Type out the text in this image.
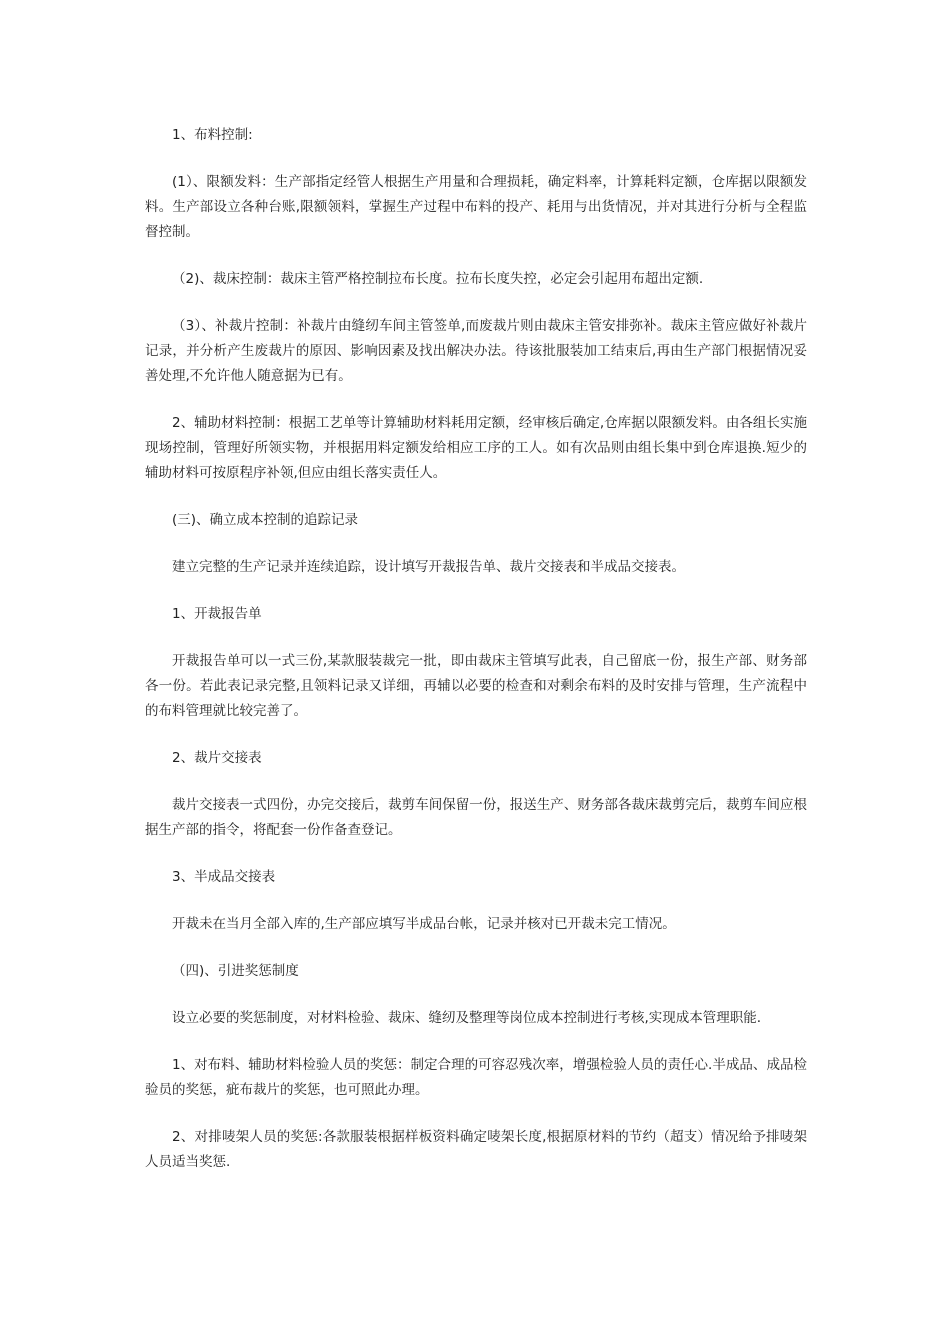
1、布料控制:

(1）、限额发料：生产部指定经管人根据生产用量和合理损耗，确定料率，计算耗料定额，仓库据以限额发料。生产部设立各种台账,限额领料，掌握生产过程中布料的投产、耗用与出货情况，并对其进行分析与全程监督控制。

（2)、裁床控制：裁床主管严格控制拉布长度。拉布长度失控，必定会引起用布超出定额.

（3）、补裁片控制：补裁片由缝纫车间主管签单,而废裁片则由裁床主管安排弥补。裁床主管应做好补裁片记录，并分析产生废裁片的原因、影响因素及找出解决办法。待该批服装加工结束后,再由生产部门根据情况妥善处理,不允许他人随意据为已有。

2、辅助材料控制：根据工艺单等计算辅助材料耗用定额，经审核后确定,仓库据以限额发料。由各组长实施现场控制，管理好所领实物，并根据用料定额发给相应工序的工人。如有次品则由组长集中到仓库退换.短少的辅助材料可按原程序补领,但应由组长落实责任人。

(三)、确立成本控制的追踪记录

建立完整的生产记录并连续追踪，设计填写开裁报告单、裁片交接表和半成品交接表。

1、开裁报告单

开裁报告单可以一式三份,某款服装裁完一批，即由裁床主管填写此表，自己留底一份，报生产部、财务部各一份。若此表记录完整,且领料记录又详细，再辅以必要的检查和对剩余布料的及时安排与管理，生产流程中的布料管理就比较完善了。

2、裁片交接表

裁片交接表一式四份，办完交接后，裁剪车间保留一份，报送生产、财务部各裁床裁剪完后，裁剪车间应根据生产部的指令，将配套一份作备查登记。

3、半成品交接表

开裁未在当月全部入库的,生产部应填写半成品台帐，记录并核对已开裁未完工情况。

（四)、引进奖惩制度

设立必要的奖惩制度，对材料检验、裁床、缝纫及整理等岗位成本控制进行考核,实现成本管理职能.

1、对布料、辅助材料检验人员的奖惩：制定合理的可容忍残次率，增强检验人员的责任心.半成品、成品检验员的奖惩，疵布裁片的奖惩，也可照此办理。

2、对排唛架人员的奖惩:各款服装根据样板资料确定唛架长度,根据原材料的节约（超支）情况给予排唛架人员适当奖惩.
